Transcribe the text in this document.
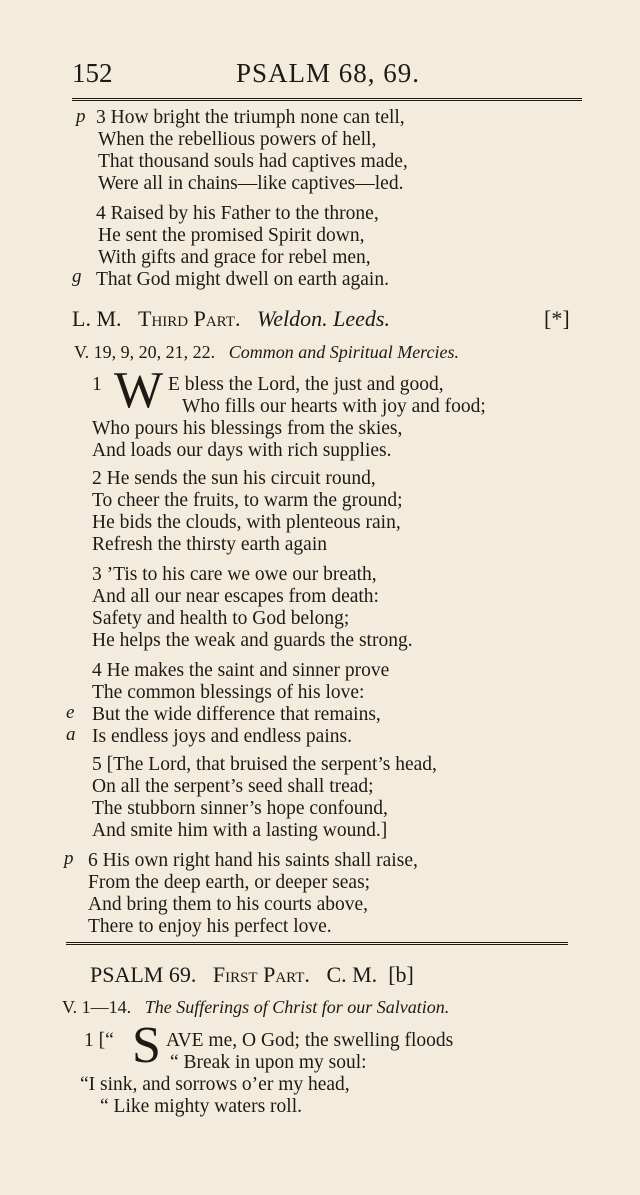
152	PSALM 68, 69.
p 3 How bright the triumph none can tell,
When the rebellious powers of hell,
That thousand souls had captives made,
Were all in chains—like captives—led.
4 Raised by his Father to the throne,
He sent the promised Spirit down,
With gifts and grace for rebel men,
g That God might dwell on earth again.
L. M. Third Part. Weldon. Leeds.	[*]
V. 19, 9, 20, 21, 22. Common and Spiritual Mercies.
1 W E bless the Lord, the just and good,
Who fills our hearts with joy and food;
Who pours his blessings from the skies,
And loads our days with rich supplies.
2 He sends the sun his circuit round,
To cheer the fruits, to warm the ground;
He bids the clouds, with plenteous rain,
Refresh the thirsty earth again
3 ’Tis to his care we owe our breath,
And all our near escapes from death:
Safety and health to God belong;
He helps the weak and guards the strong.
4 He makes the saint and sinner prove
The common blessings of his love:
e But the wide difference that remains,
a Is endless joys and endless pains.
5 [The Lord, that bruised the serpent’s head,
On all the serpent’s seed shall tread;
The stubborn sinner’s hope confound,
And smite him with a lasting wound.]
p 6 His own right hand his saints shall raise,
From the deep earth, or deeper seas;
And bring them to his courts above,
There to enjoy his perfect love.
PSALM 69. First Part. C. M. [b]
V. 1—14. The Sufferings of Christ for our Salvation.
1 [“ S AVE me, O God; the swelling floods
“ Break in upon my soul:
“I sink, and sorrows o’er my head,
“ Like mighty waters roll.
